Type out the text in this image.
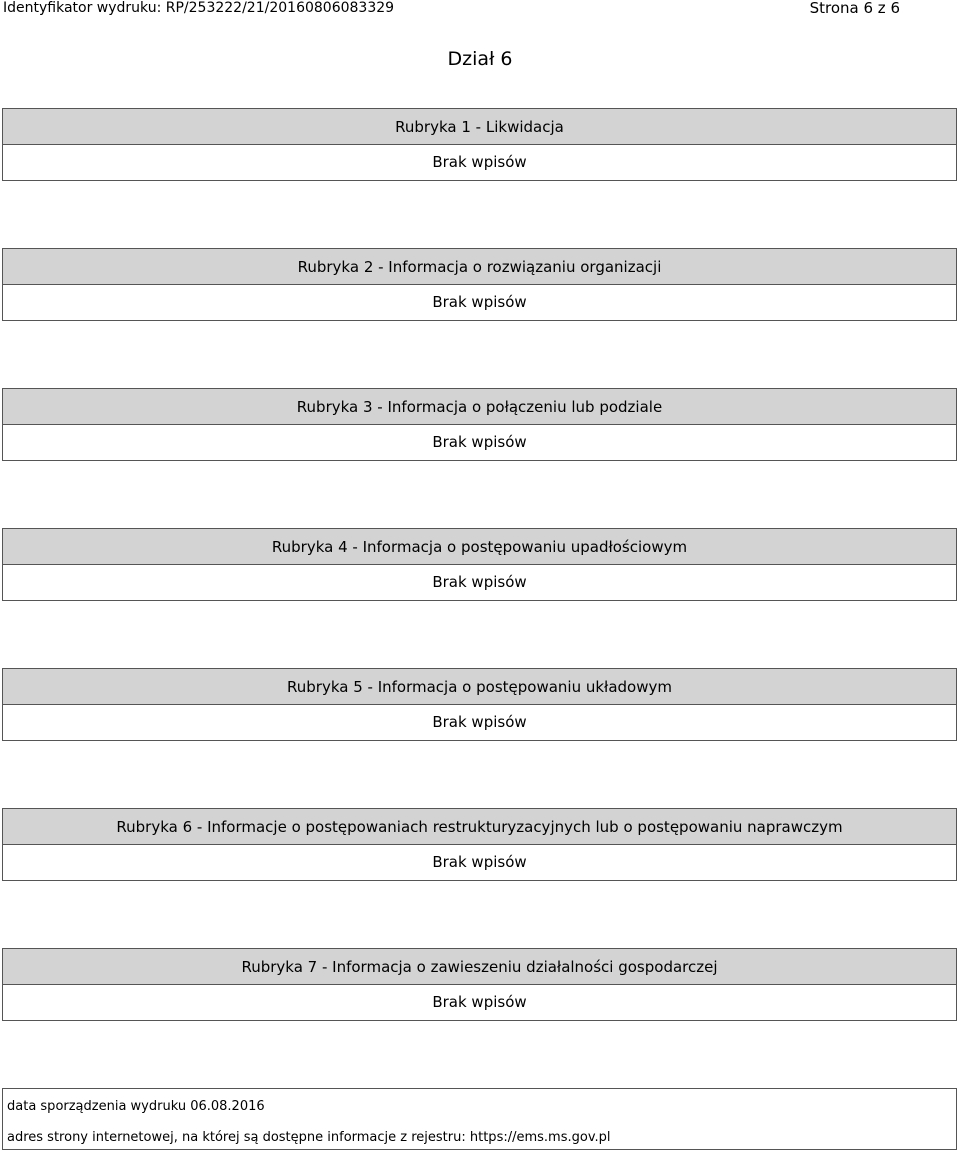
Identyfikator wydruku: RP/253222/21/20160806083329	Strona 6 z 6
Dział 6
Rubryka 1 - Likwidacja
Brak wpisów
Rubryka 2 - Informacja o rozwiązaniu organizacji
Brak wpisów
Rubryka 3 - Informacja o połączeniu lub podziale
Brak wpisów
Rubryka 4 - Informacja o postępowaniu upadłościowym
Brak wpisów
Rubryka 5 - Informacja o postępowaniu układowym
Brak wpisów
Rubryka 6 - Informacje o postępowaniach restrukturyzacyjnych lub o postępowaniu naprawczym
Brak wpisów
Rubryka 7 - Informacja o zawieszeniu działalności gospodarczej
Brak wpisów
data sporządzenia wydruku 06.08.2016
adres strony internetowej, na której są dostępne informacje z rejestru: https://ems.ms.gov.pl
